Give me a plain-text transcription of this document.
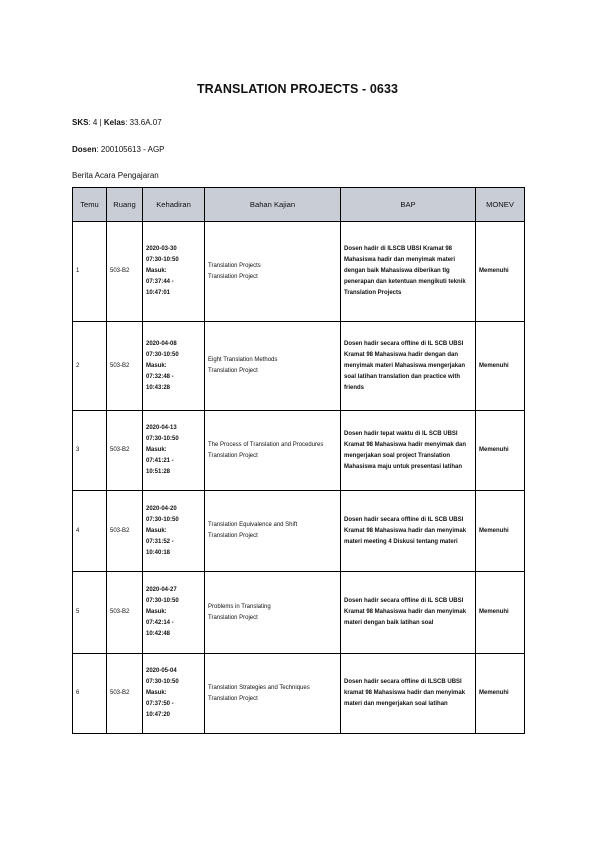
TRANSLATION PROJECTS - 0633
SKS: 4 | Kelas: 33.6A.07
Dosen: 200105613 - AGP
Berita Acara Pengajaran
Temu	Ruang	Kehadiran	Bahan Kajian	BAP	MONEV
1	503-B2	2020-03-30
07:30-10:50
Masuk:
07:37:44 -
10:47:01	Translation Projects
Translation Project	Dosen hadir di ILSCB UBSI Kramat 98 Mahasiswa hadir dan menyimak materi dengan baik Mahasiswa diberikan tlg penerapan dan ketentuan mengikuti teknik Translation Projects	Memenuhi
2	503-B2	2020-04-08
07:30-10:50
Masuk:
07:32:48 -
10:43:28	Eight Translation Methods
Translation Project	Dosen hadir secara offline di IL SCB UBSI Kramat 98 Mahasiswa hadir dengan dan menyimak materi Mahasiswa mengerjakan soal latihan translation dan practice with friends	Memenuhi
3	503-B2	2020-04-13
07:30-10:50
Masuk:
07:41:21 -
10:51:28	The Process of Translation and Procedures
Translation Project	Dosen hadir tepat waktu di IL SCB UBSI Kramat 98 Mahasiswa hadir menyimak dan mengerjakan soal project Translation Mahasiswa maju untuk presentasi latihan	Memenuhi
4	503-B2	2020-04-20
07:30-10:50
Masuk:
07:31:52 -
10:40:18	Translation Equivalence and Shift
Translation Project	Dosen hadir secara offline di IL SCB UBSI Kramat 98 Mahasiswa hadir dan menyimak materi meeting 4 Diskusi tentang materi	Memenuhi
5	503-B2	2020-04-27
07:30-10:50
Masuk:
07:42:14 -
10:42:48	Problems in Translating
Translation Project	Dosen hadir secara offline di IL SCB UBSI Kramat 98 Mahasiswa hadir dan menyimak materi dengan baik latihan soal	Memenuhi
6	503-B2	2020-05-04
07:30-10:50
Masuk:
07:37:50 -
10:47:20	Translation Strategies and Techniques
Translation Project	Dosen hadir secara offline di ILSCB UBSI kramat 98 Mahasiswa hadir dan menyimak materi dan mengerjakan soal latihan	Memenuhi
